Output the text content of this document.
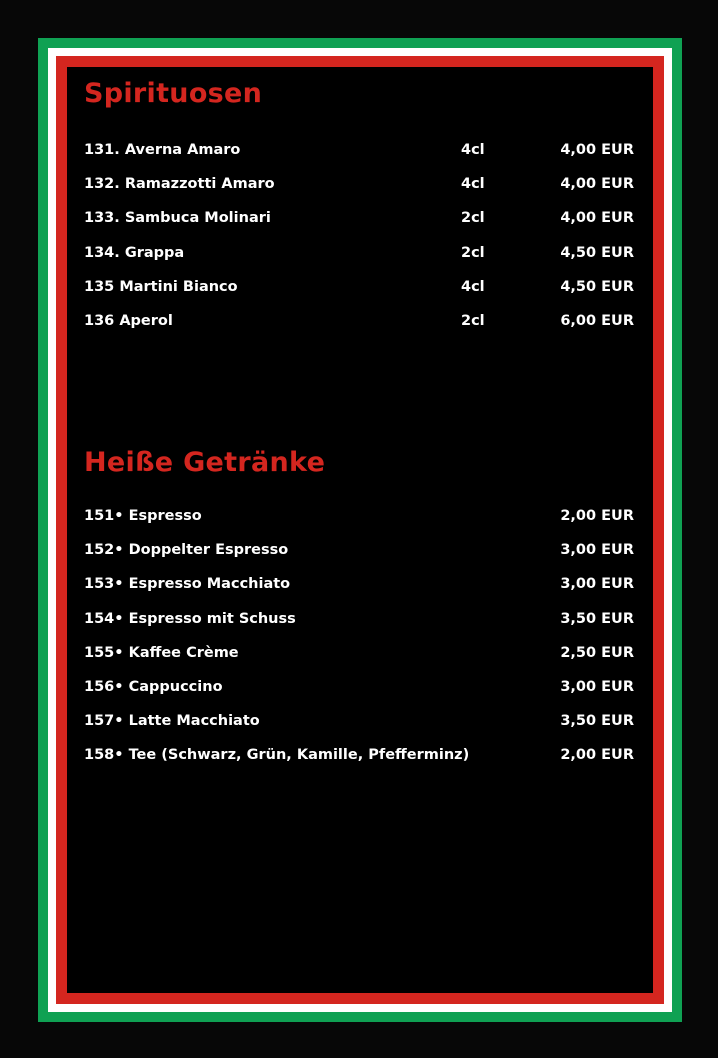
Spirituosen
131. Averna Amaro	4cl	4,00 EUR
132. Ramazzotti Amaro	4cl	4,00 EUR
133. Sambuca Molinari	2cl	4,00 EUR
134. Grappa	2cl	4,50 EUR
135 Martini Bianco	4cl	4,50 EUR
136 Aperol	2cl	6,00 EUR
Heiße Getränke
151• Espresso	2,00 EUR
152• Doppelter Espresso	3,00 EUR
153• Espresso Macchiato	3,00 EUR
154• Espresso mit Schuss	3,50 EUR
155• Kaffee Crème	2,50 EUR
156• Cappuccino	3,00 EUR
157• Latte Macchiato	3,50 EUR
158• Tee (Schwarz, Grün, Kamille, Pfefferminz)	2,00 EUR
